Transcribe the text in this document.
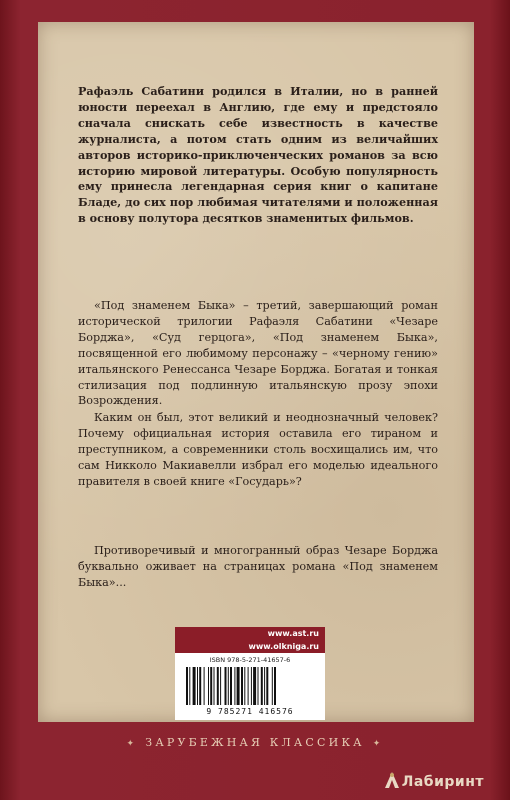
Рафаэль Сабатини родился в Италии, но в ранней юности переехал в Англию, где ему и предстояло сначала снискать себе известность в качестве журналиста, а потом стать одним из величайших авторов историко-приключенческих романов за всю историю мировой литературы. Особую популярность ему принесла легендарная серия книг о капитане Бладе, до сих пор любимая читателями и положенная в основу полутора десятков знаменитых фильмов.

«Под знаменем Быка» – третий, завершающий роман исторической трилогии Рафаэля Сабатини «Чезаре Борджа», «Суд герцога», «Под знаменем Быка», посвященной его любимому персонажу – «черному гению» итальянского Ренессанса Чезаре Борджа. Богатая и тонкая стилизация под подлинную итальянскую прозу эпохи Возрождения.

Каким он был, этот великий и неоднозначный человек? Почему официальная история оставила его тираном и преступником, а современники столь восхищались им, что сам Никколо Макиавелли избрал его моделью идеального правителя в своей книге «Государь»?

Противоречивый и многогранный образ Чезаре Борджа буквально оживает на страницах романа «Под знаменем Быка»...

www.ast.ru
www.olkniga.ru
ISBN 978-5-271-41657-6
9 785271 416576
✦ ЗАРУБЕЖНАЯ КЛАССИКА ✦
Лабиринт
